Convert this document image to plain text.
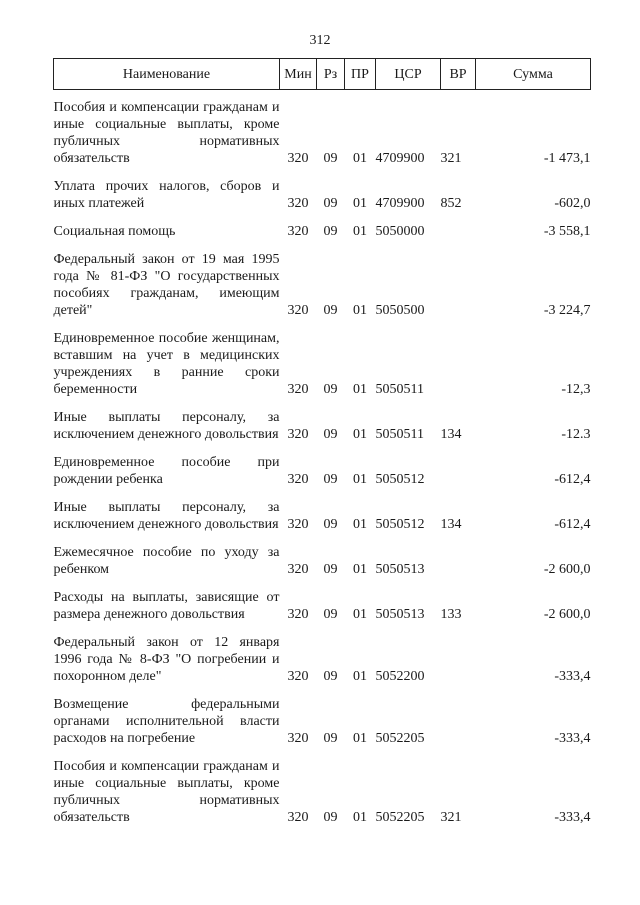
312
Наименование	Мин	Рз	ПР	ЦСР	ВР	Сумма
Пособия и компенсации гражданам и иные социальные выплаты, кроме публичных нормативных обязательств	320	09	01	4709900	321	-1 473,1
Уплата прочих налогов, сборов и иных платежей	320	09	01	4709900	852	-602,0
Социальная помощь	320	09	01	5050000		-3 558,1
Федеральный закон от 19 мая 1995 года № 81-ФЗ "О государственных пособиях гражданам, имеющим детей"	320	09	01	5050500		-3 224,7
Единовременное пособие женщинам, вставшим на учет в медицинских учреждениях в ранние сроки беременности	320	09	01	5050511		-12,3
Иные выплаты персоналу, за исключением денежного довольствия	320	09	01	5050511	134	-12.3
Единовременное пособие при рождении ребенка	320	09	01	5050512		-612,4
Иные выплаты персоналу, за исключением денежного довольствия	320	09	01	5050512	134	-612,4
Ежемесячное пособие по уходу за ребенком	320	09	01	5050513		-2 600,0
Расходы на выплаты, зависящие от размера денежного довольствия	320	09	01	5050513	133	-2 600,0
Федеральный закон от 12 января 1996 года № 8-ФЗ "О погребении и похоронном деле"	320	09	01	5052200		-333,4
Возмещение федеральными органами исполнительной власти расходов на погребение	320	09	01	5052205		-333,4
Пособия и компенсации гражданам и иные социальные выплаты, кроме публичных нормативных обязательств	320	09	01	5052205	321	-333,4
